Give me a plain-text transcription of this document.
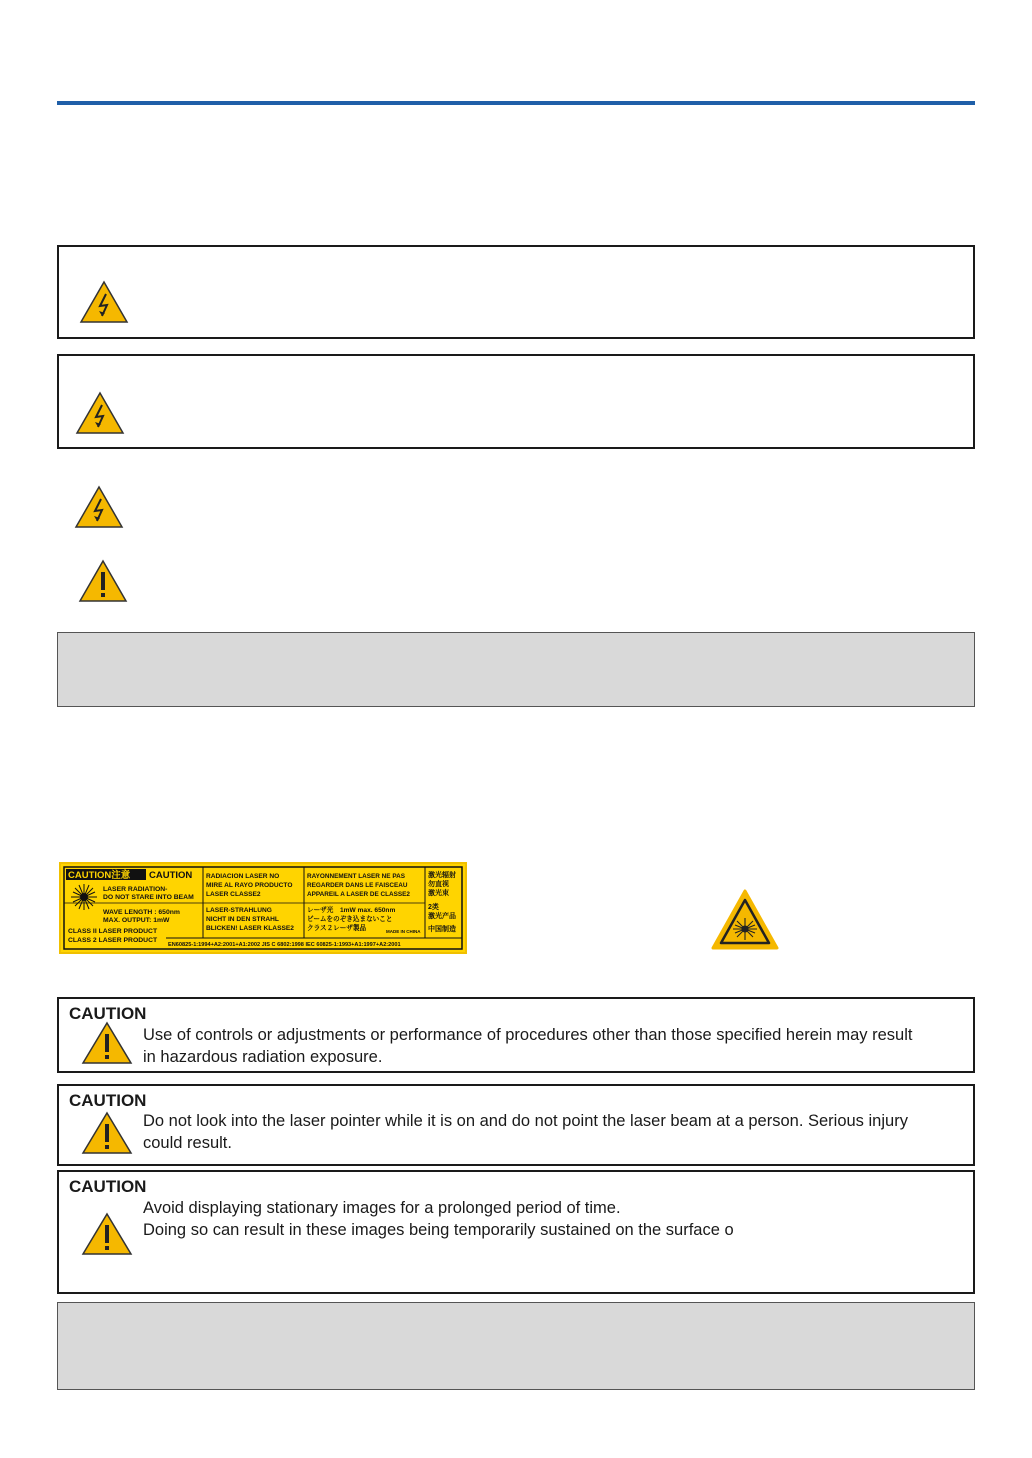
CAUTION注意 CAUTION
LASER RADIATION-
DO NOT STARE INTO BEAM
WAVE LENGTH : 650nm
MAX. OUTPUT: 1mW
CLASS II LASER PRODUCT
CLASS 2 LASER PRODUCT
RADIACION LASER NO
MIRE AL RAYO PRODUCTO
LASER CLASSE2
LASER-STRAHLUNG
NICHT IN DEN STRAHL
BLICKEN! LASER KLASSE2
RAYONNEMENT LASER NE PAS
REGARDER DANS LE FAISCEAU
APPAREIL A LASER DE CLASSE2
レーザ光　1mW max. 650nm
ビームをのぞき込まないこと
クラス２レーザ製品	MADE IN CHINA
激光辐射
勿直视
激光束
2类
激光产品
中国制造
EN60825-1:1994+A2:2001+A1:2002 JIS C 6802:1998 IEC 60825-1:1993+A1:1997+A2:2001
CAUTION
Use of controls or adjustments or performance of procedures other than those specified herein may result
in hazardous radiation exposure.
CAUTION
Do not look into the laser pointer while it is on and do not point the laser beam at a person. Serious injury
could result.
CAUTION
Avoid displaying stationary images for a prolonged period of time.
Doing so can result in these images being temporarily sustained on the surface o
